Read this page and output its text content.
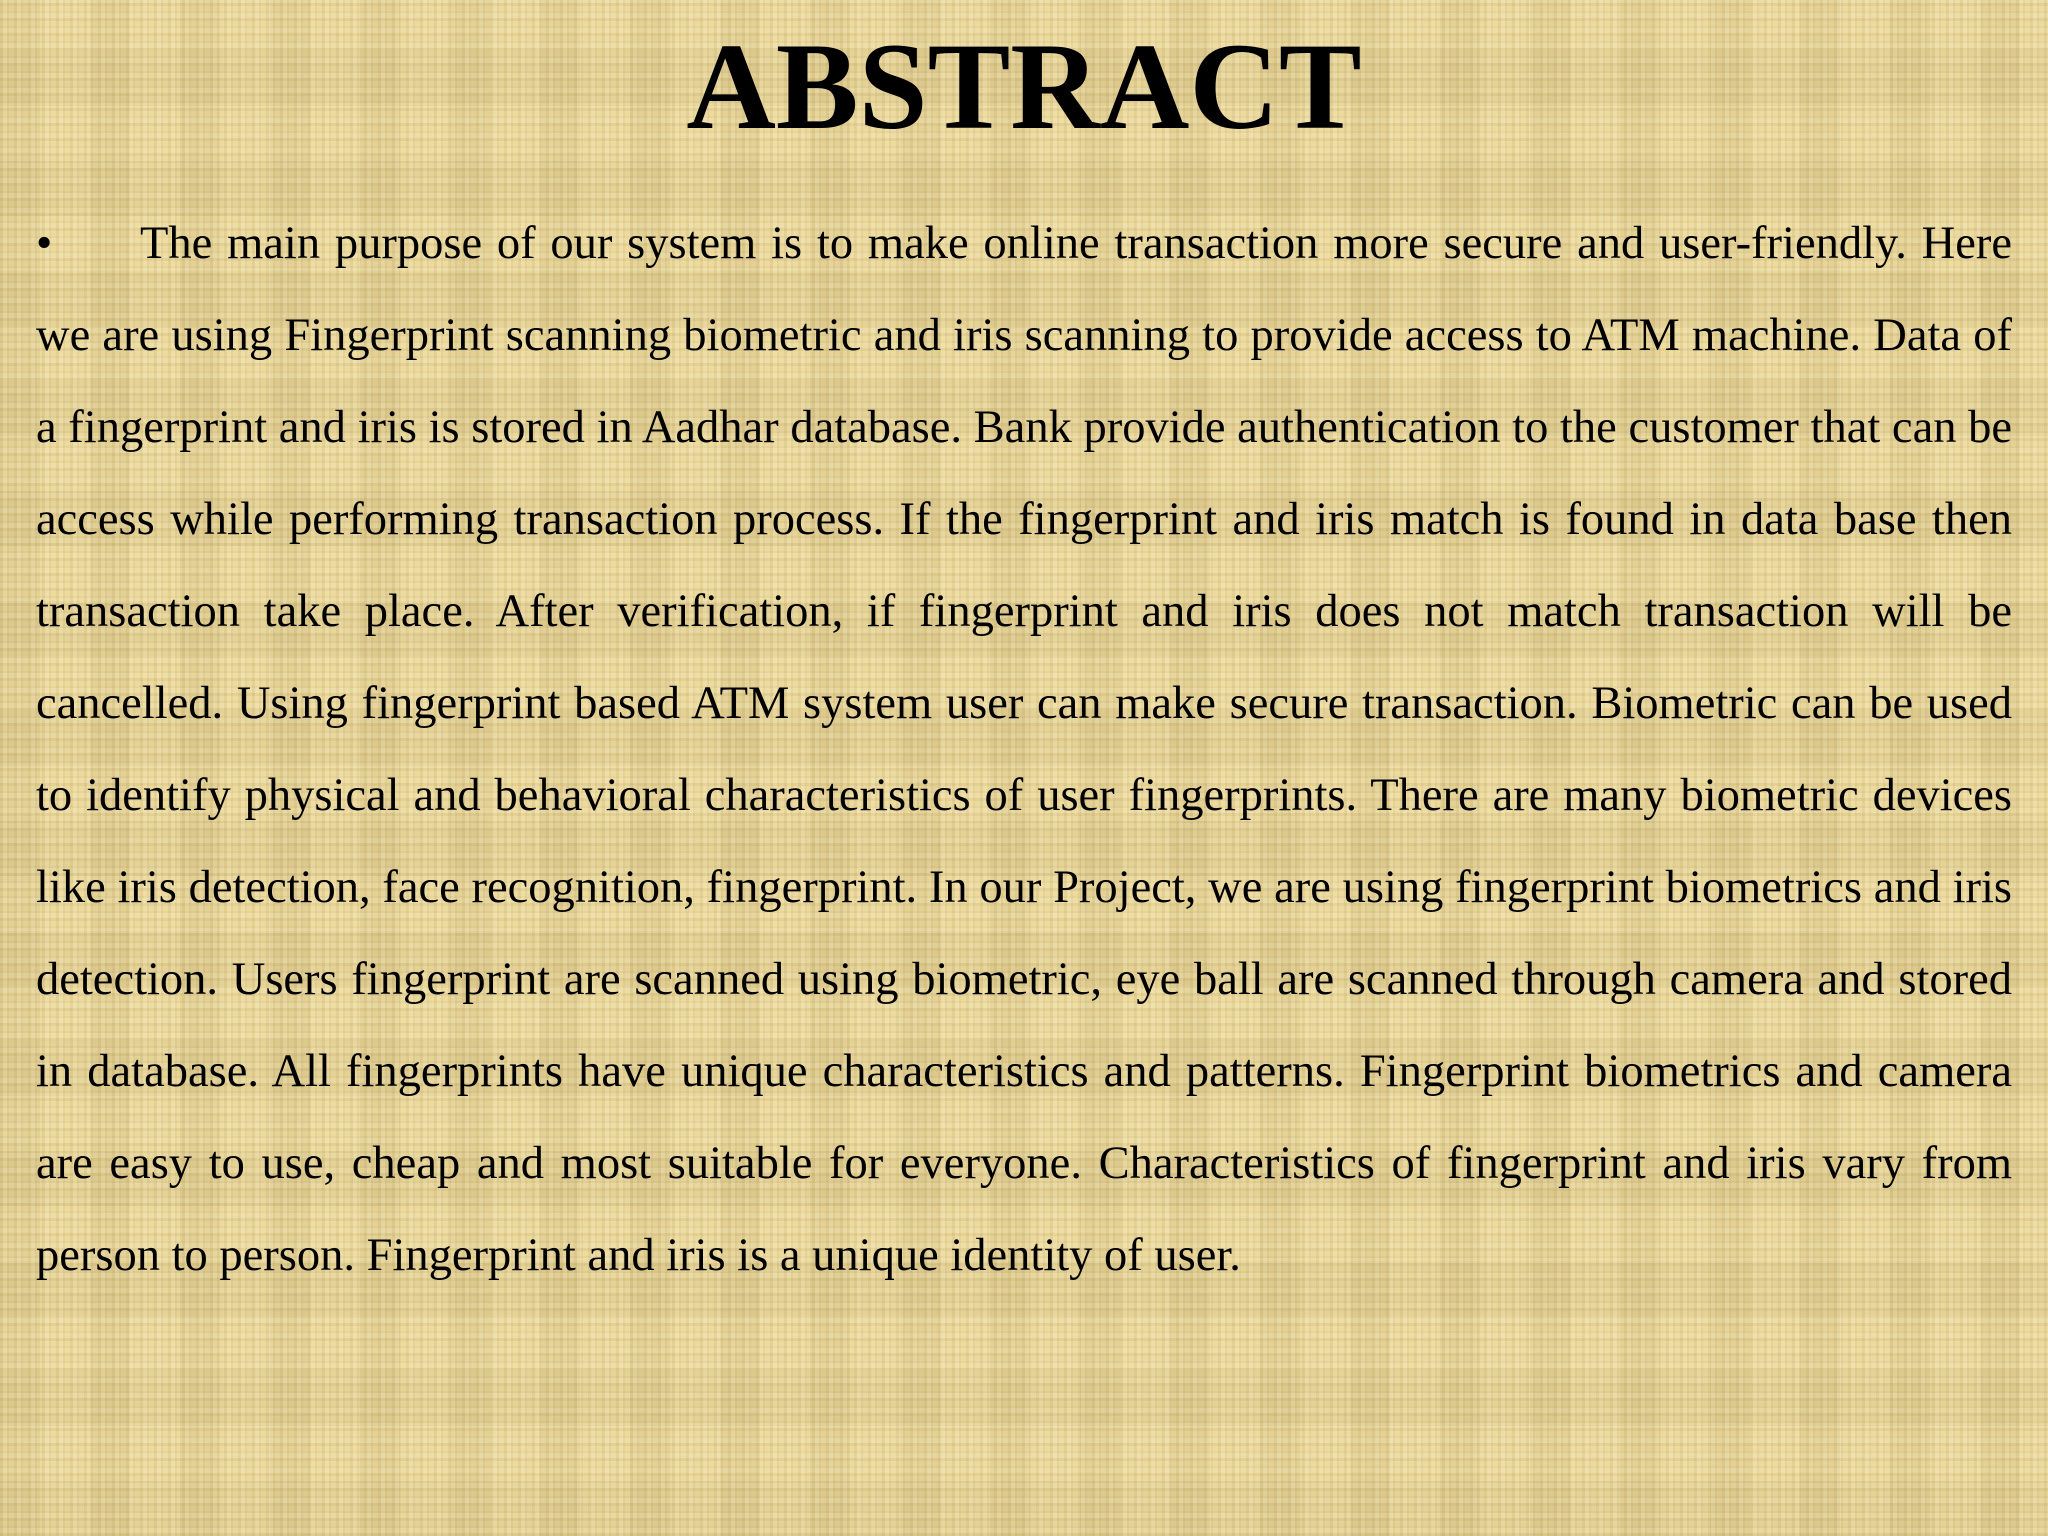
ABSTRACT

• The main purpose of our system is to make online transaction more secure and user-friendly. Here we are using Fingerprint scanning biometric and iris scanning to provide access to ATM machine. Data of a fingerprint and iris is stored in Aadhar database. Bank provide authentication to the customer that can be access while performing transaction process. If the fingerprint and iris match is found in data base then transaction take place. After verification, if fingerprint and iris does not match transaction will be cancelled. Using fingerprint based ATM system user can make secure transaction. Biometric can be used to identify physical and behavioral characteristics of user fingerprints. There are many biometric devices like iris detection, face recognition, fingerprint. In our Project, we are using fingerprint biometrics and iris detection. Users fingerprint are scanned using biometric, eye ball are scanned through camera and stored in database. All fingerprints have unique characteristics and patterns. Fingerprint biometrics and camera are easy to use, cheap and most suitable for everyone. Characteristics of fingerprint and iris vary from person to person. Fingerprint and iris is a unique identity of user.
